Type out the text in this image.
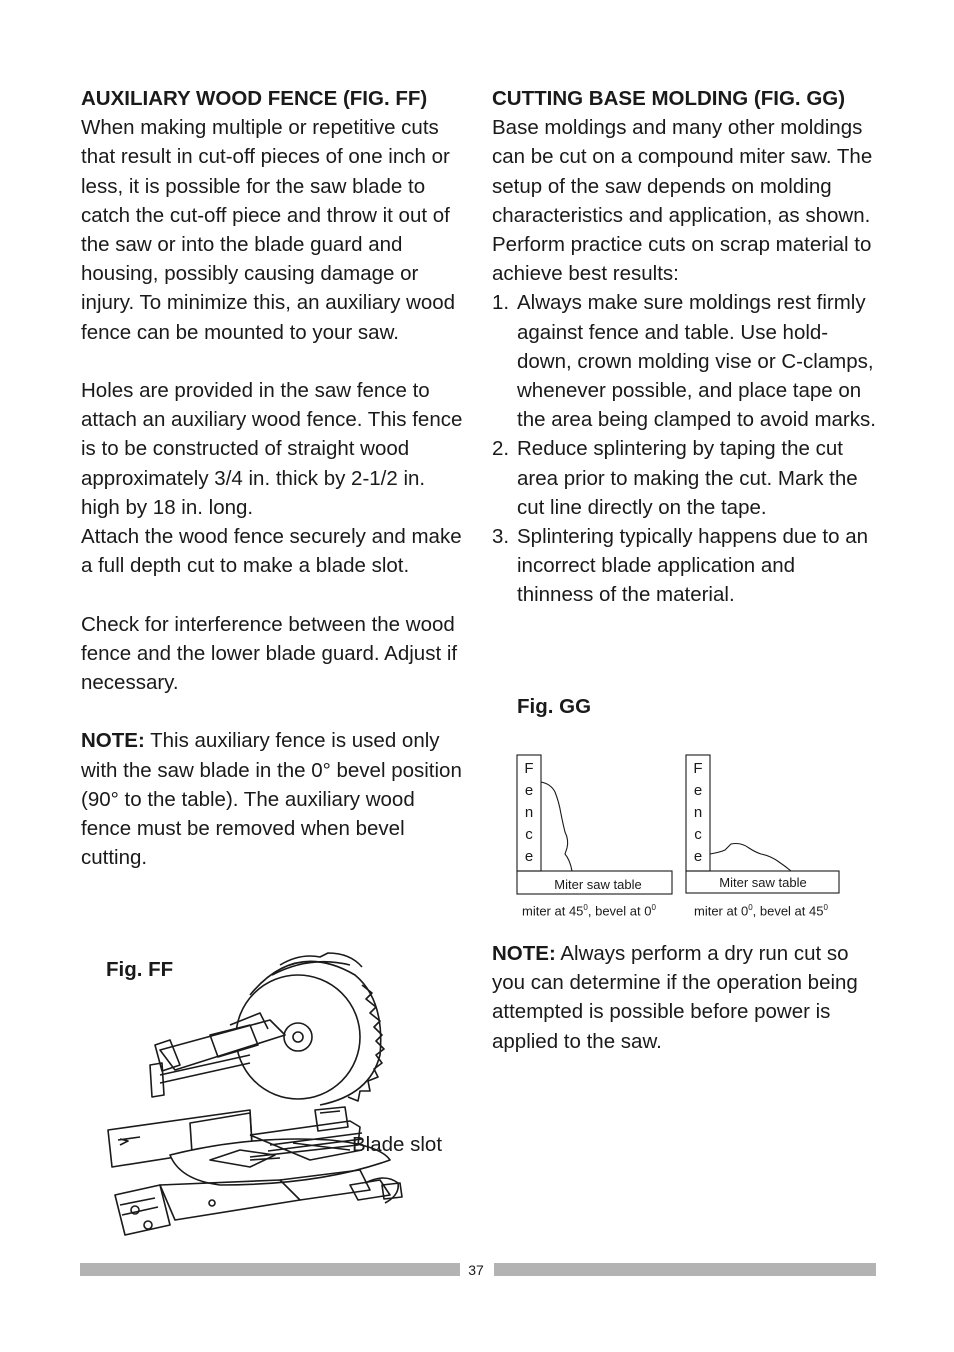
AUXILIARY WOOD FENCE (FIG. FF)

When making multiple or repetitive cuts that result in cut-off pieces of one inch or less, it is possible for the saw blade to catch the cut-off piece and throw it out of the saw or into the blade guard and housing, possibly causing damage or injury. To minimize this, an auxiliary wood fence can be mounted to your saw.

Holes are provided in the saw fence to attach an auxiliary wood fence. This fence is to be constructed of straight wood approximately 3/4 in. thick by 2-1/2 in. high by 18 in. long.

Attach the wood fence securely and make a full depth cut to make a blade slot.

Check for interference between the wood fence and the lower blade guard. Adjust if necessary.

NOTE: This auxiliary fence is used only with the saw blade in the 0° bevel position (90° to the table). The auxiliary wood fence must be removed when bevel cutting.

Fig. FF
Blade slot
CUTTING BASE MOLDING (FIG. GG)

Base moldings and many other moldings can be cut on a compound miter saw. The setup of the saw depends on molding characteristics and application, as shown. Perform practice cuts on scrap material to achieve best results:

1. Always make sure moldings rest firmly against fence and table. Use hold-down, crown molding vise or C-clamps, whenever possible, and place tape on the area being clamped to avoid marks.
2. Reduce splintering by taping the cut area prior to making the cut. Mark the cut line directly on the tape.
3. Splintering typically happens due to an incorrect blade application and thinness of the material.
Fig. GG
F
e
n
c
e
Miter saw table
miter at $45^0$, bevel at $0^0$
F
e
n
c
e
Miter saw table
miter at $0^0$, bevel at $45^0$
NOTE: Always perform a dry run cut so you can determine if the operation being attempted is possible before power is applied to the saw.
37
